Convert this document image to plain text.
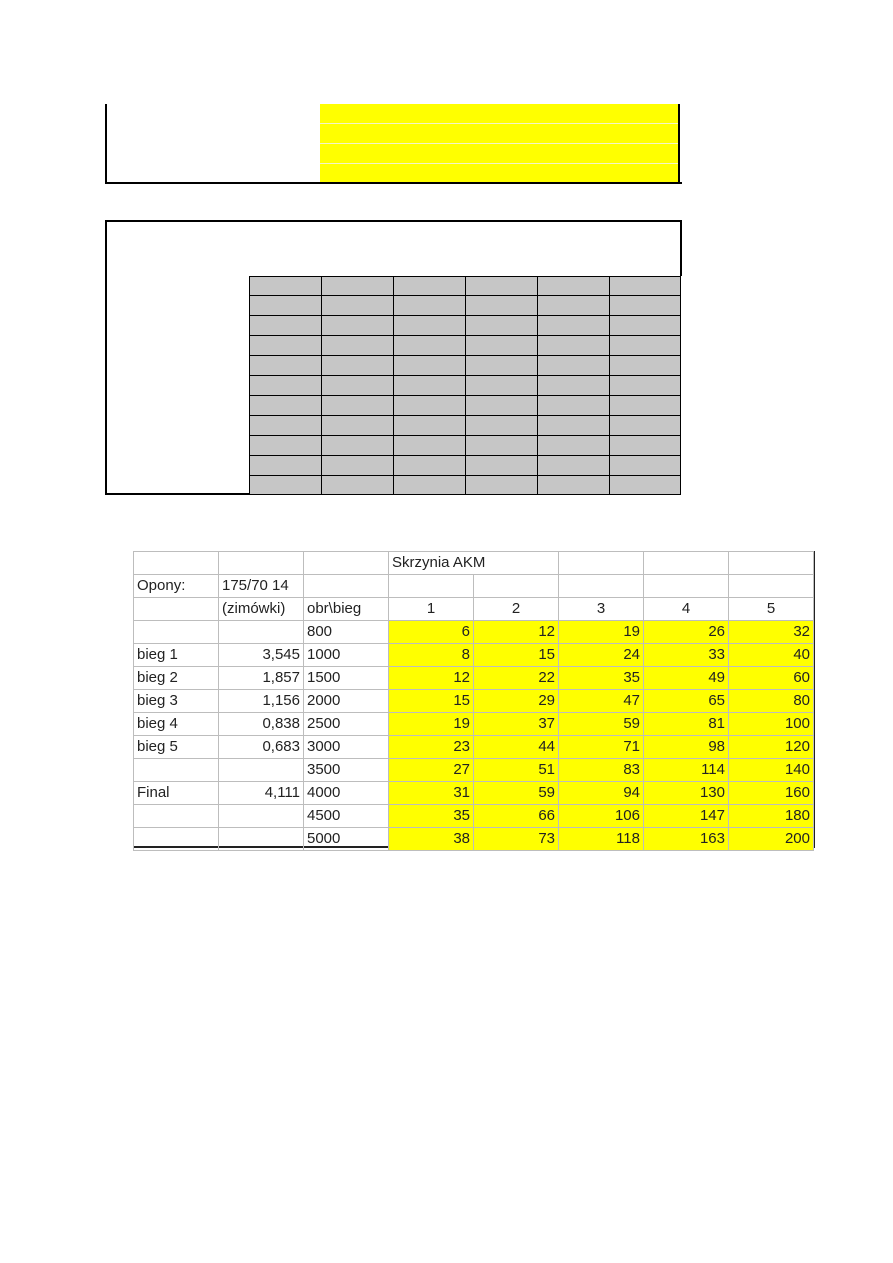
			Skrzynia AKM				
Opony:	175/70 14						
	(zimówki)	obr\bieg	1	2	3	4	5
		800	6	12	19	26	32
bieg 1	3,545	1000	8	15	24	33	40
bieg 2	1,857	1500	12	22	35	49	60
bieg 3	1,156	2000	15	29	47	65	80
bieg 4	0,838	2500	19	37	59	81	100
bieg 5	0,683	3000	23	44	71	98	120
		3500	27	51	83	114	140
Final	4,111	4000	31	59	94	130	160
		4500	35	66	106	147	180
		5000	38	73	118	163	200
